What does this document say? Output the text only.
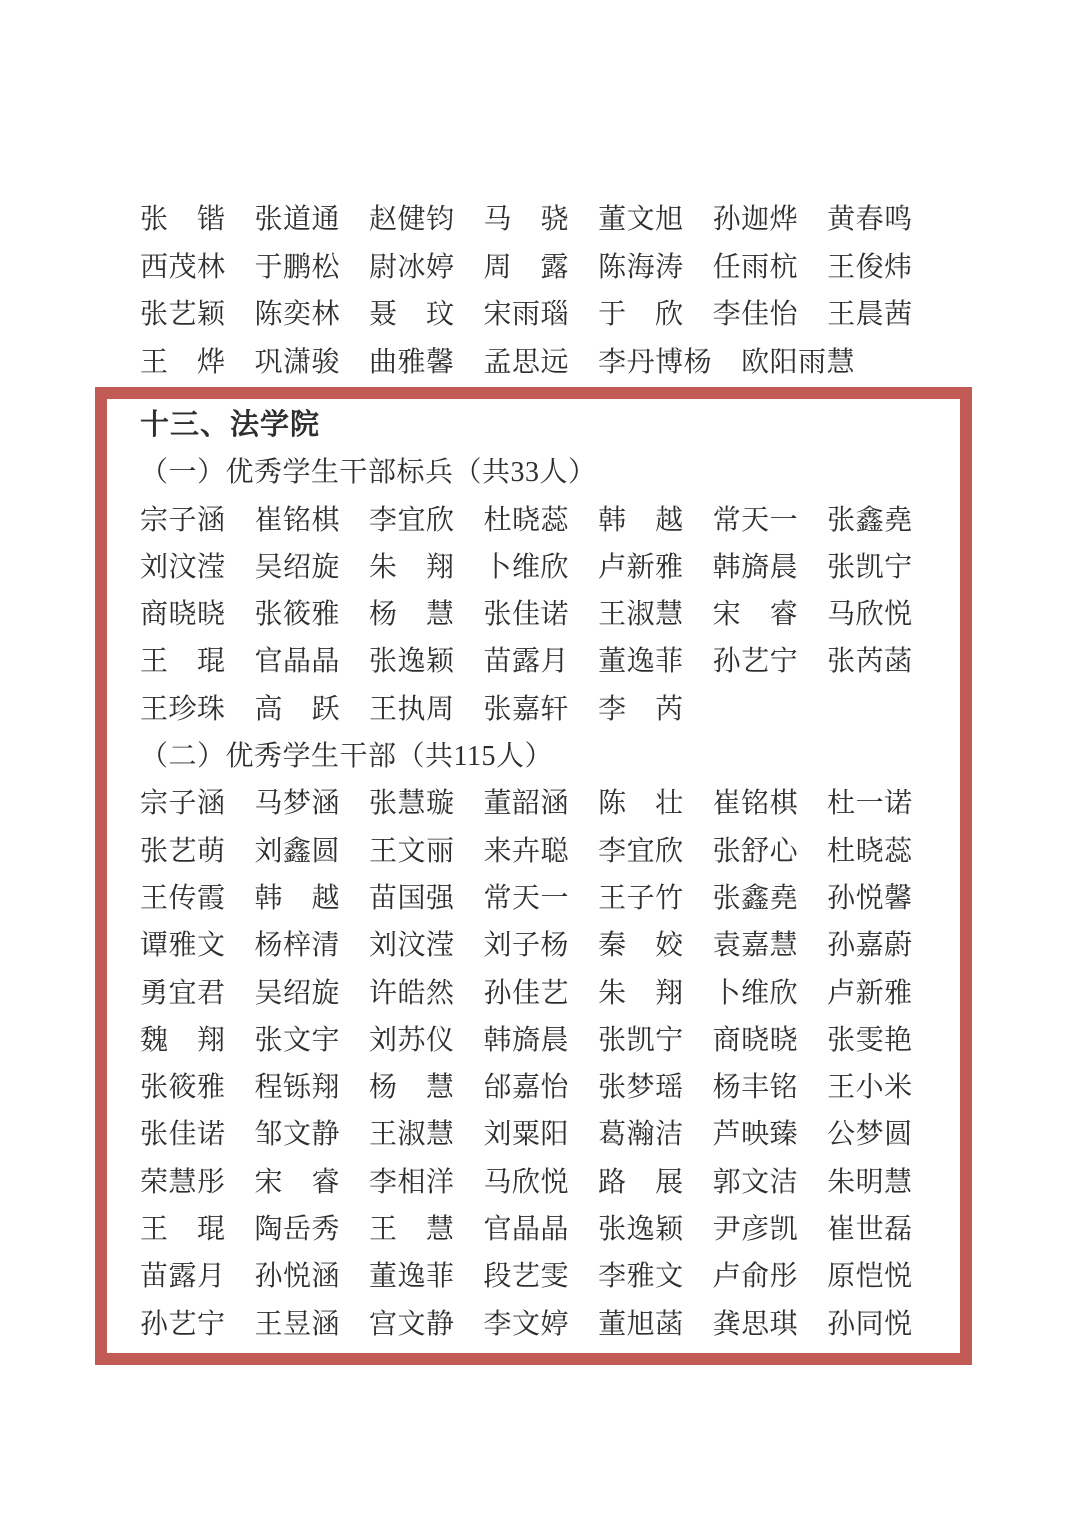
张　锴 张道通 赵健钧 马　骁 董文旭 孙迦烨 黄春鸣
西茂林 于鹏松 尉冰婷 周　露 陈海涛 任雨杭 王俊炜
张艺颖 陈奕林 聂　玟 宋雨瑙 于　欣 李佳怡 王晨茜
王　烨 巩潇骏 曲雅馨 孟思远 李丹博杨 欧阳雨慧
十三、法学院
（一）优秀学生干部标兵（共33人）
宗子涵 崔铭棋 李宜欣 杜晓蕊 韩　越 常天一 张鑫堯
刘汶滢 吴绍旋 朱　翔 卜维欣 卢新雅 韩旖晨 张凯宁
商晓晓 张筱雅 杨　慧 张佳诺 王淑慧 宋　睿 马欣悦
王　琨 官晶晶 张逸颖 苗露月 董逸菲 孙艺宁 张芮菡
王珍珠 高　跃 王执周 张嘉轩 李　芮
（二）优秀学生干部（共115人）
宗子涵 马梦涵 张慧璇 董韶涵 陈　壮 崔铭棋 杜一诺
张艺萌 刘鑫圆 王文丽 来卉聪 李宜欣 张舒心 杜晓蕊
王传霞 韩　越 苗国强 常天一 王子竹 张鑫堯 孙悦馨
谭雅文 杨梓清 刘汶滢 刘子杨 秦　姣 袁嘉慧 孙嘉蔚
勇宜君 吴绍旋 许皓然 孙佳艺 朱　翔 卜维欣 卢新雅
魏　翔 张文宇 刘苏仪 韩旖晨 张凯宁 商晓晓 张雯艳
张筱雅 程铄翔 杨　慧 邰嘉怡 张梦瑶 杨丰铭 王小米
张佳诺 邹文静 王淑慧 刘粟阳 葛瀚洁 芦映臻 公梦圆
荣慧彤 宋　睿 李相洋 马欣悦 路　展 郭文洁 朱明慧
王　琨 陶岳秀 王　慧 官晶晶 张逸颖 尹彦凯 崔世磊
苗露月 孙悦涵 董逸菲 段艺雯 李雅文 卢俞彤 原恺悦
孙艺宁 王昱涵 宫文静 李文婷 董旭菡 龚思琪 孙同悦
